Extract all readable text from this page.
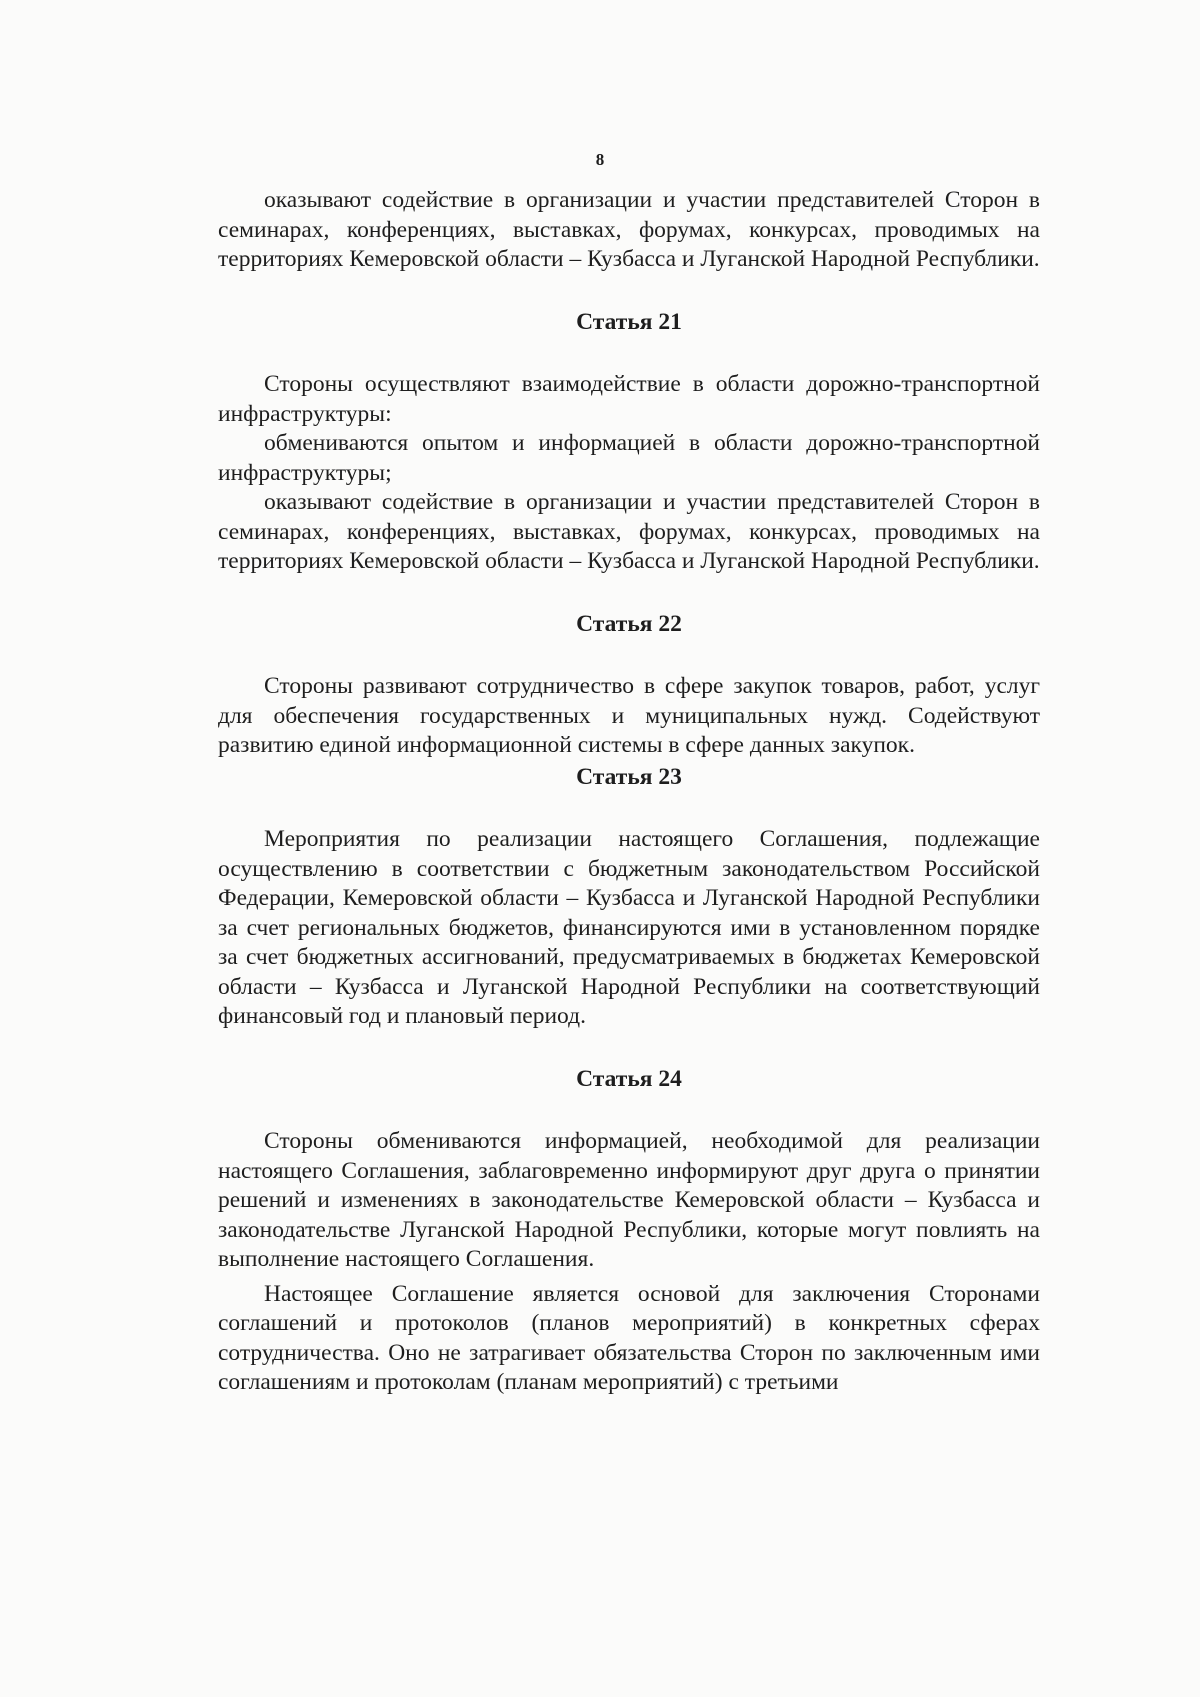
8

оказывают содействие в организации и участии представителей Сторон в семинарах, конференциях, выставках, форумах, конкурсах, проводимых на территориях Кемеровской области – Кузбасса и Луганской Народной Республики.

Статья 21

Стороны осуществляют взаимодействие в области дорожно-транспортной инфраструктуры:

обмениваются опытом и информацией в области дорожно-транспортной инфраструктуры;

оказывают содействие в организации и участии представителей Сторон в семинарах, конференциях, выставках, форумах, конкурсах, проводимых на территориях Кемеровской области – Кузбасса и Луганской Народной Республики.

Статья 22

Стороны развивают сотрудничество в сфере закупок товаров, работ, услуг для обеспечения государственных и муниципальных нужд. Содействуют развитию единой информационной системы в сфере данных закупок.

Статья 23

Мероприятия по реализации настоящего Соглашения, подлежащие осуществлению в соответствии с бюджетным законодательством Российской Федерации, Кемеровской области – Кузбасса и Луганской Народной Республики за счет региональных бюджетов, финансируются ими в установленном порядке за счет бюджетных ассигнований, предусматриваемых в бюджетах Кемеровской области – Кузбасса и Луганской Народной Республики на соответствующий финансовый год и плановый период.

Статья 24

Стороны обмениваются информацией, необходимой для реализации настоящего Соглашения, заблаговременно информируют друг друга о принятии решений и изменениях в законодательстве Кемеровской области – Кузбасса и законодательстве Луганской Народной Республики, которые могут повлиять на выполнение настоящего Соглашения.

Настоящее Соглашение является основой для заключения Сторонами соглашений и протоколов (планов мероприятий) в конкретных сферах сотрудничества. Оно не затрагивает обязательства Сторон по заключенным ими соглашениям и протоколам (планам мероприятий) с третьими
